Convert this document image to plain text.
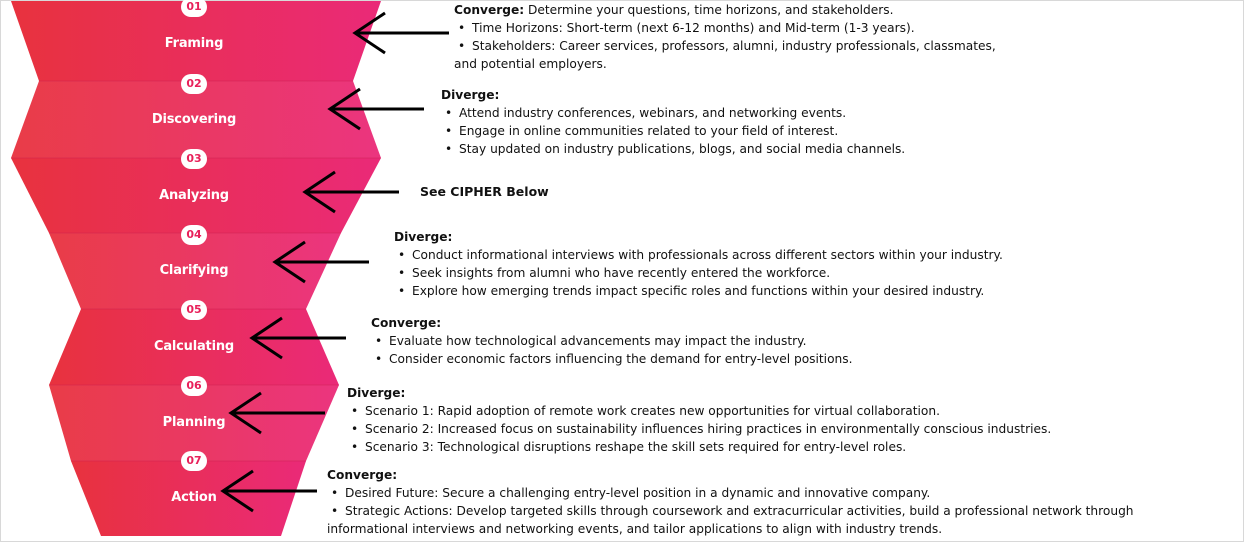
01
02
03
04
05
06
07
Framing
Discovering
Analyzing
Clarifying
Calculating
Planning
Action
Converge: Determine your questions, time horizons, and stakeholders.
• Time Horizons: Short-term (next 6-12 months) and Mid-term (1-3 years).
• Stakeholders: Career services, professors, alumni, industry professionals, classmates,
and potential employers.
Diverge:
• Attend industry conferences, webinars, and networking events.
• Engage in online communities related to your field of interest.
• Stay updated on industry publications, blogs, and social media channels.
See CIPHER Below
Diverge:
• Conduct informational interviews with professionals across different sectors within your industry.
• Seek insights from alumni who have recently entered the workforce.
• Explore how emerging trends impact specific roles and functions within your desired industry.
Converge:
• Evaluate how technological advancements may impact the industry.
• Consider economic factors influencing the demand for entry-level positions.
Diverge:
• Scenario 1: Rapid adoption of remote work creates new opportunities for virtual collaboration.
• Scenario 2: Increased focus on sustainability influences hiring practices in environmentally conscious industries.
• Scenario 3: Technological disruptions reshape the skill sets required for entry-level roles.
Converge:
• Desired Future: Secure a challenging entry-level position in a dynamic and innovative company.
• Strategic Actions: Develop targeted skills through coursework and extracurricular activities, build a professional network through
informational interviews and networking events, and tailor applications to align with industry trends.
